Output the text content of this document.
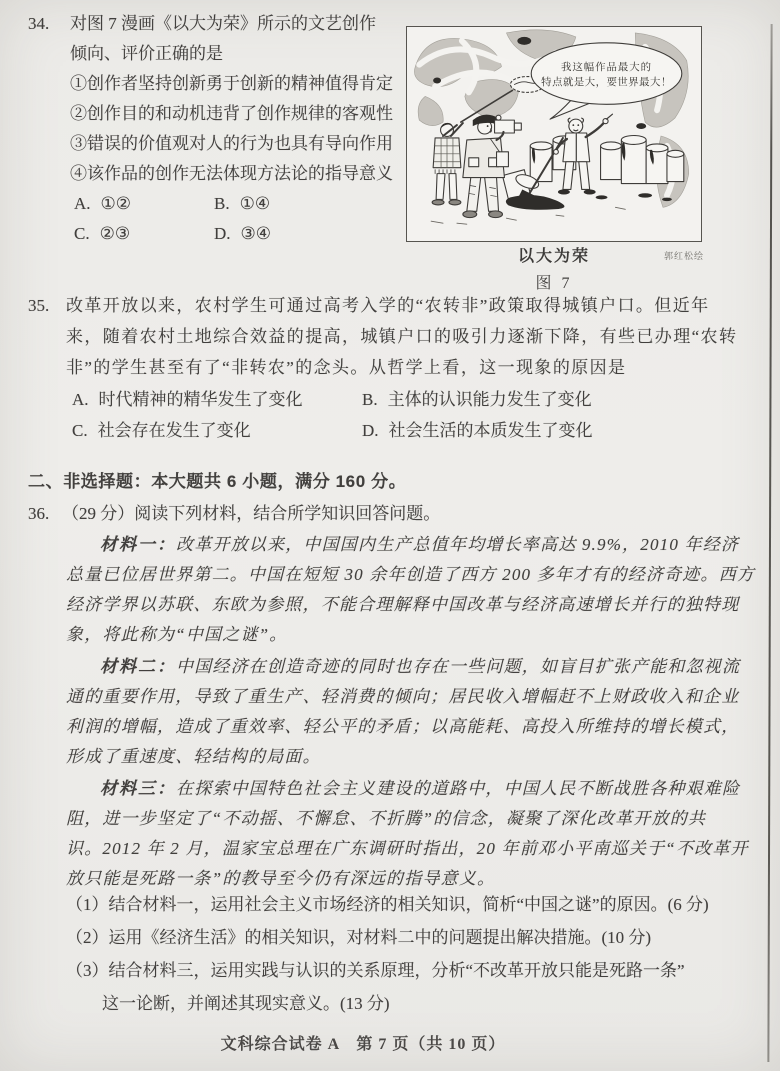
34. 对图 7 漫画《以大为荣》所示的文艺创作
倾向、评价正确的是
①创作者坚持创新勇于创新的精神值得肯定
②创作目的和动机违背了创作规律的客观性
③错误的价值观对人的行为也具有导向作用
④该作品的创作无法体现方法论的指导意义
A. ①②	B. ①④
C. ②③	D. ③④
我这幅作品最大的
特点就是大，要世界最大！
以大为荣	郭红松绘
图 7
35. 改革开放以来，农村学生可通过高考入学的“农转非”政策取得城镇户口。但近年
来，随着农村土地综合效益的提高，城镇户口的吸引力逐渐下降，有些已办理“农转
非”的学生甚至有了“非转农”的念头。从哲学上看，这一现象的原因是
A. 时代精神的精华发生了变化	B. 主体的认识能力发生了变化
C. 社会存在发生了变化	D. 社会生活的本质发生了变化
二、非选择题：本大题共 6 小题，满分 160 分。
36. （29 分）阅读下列材料，结合所学知识回答问题。
材料一：改革开放以来，中国国内生产总值年均增长率高达 9.9%，2010 年经济
总量已位居世界第二。中国在短短 30 余年创造了西方 200 多年才有的经济奇迹。西方
经济学界以苏联、东欧为参照，不能合理解释中国改革与经济高速增长并行的独特现
象，将此称为“中国之谜”。
材料二：中国经济在创造奇迹的同时也存在一些问题，如盲目扩张产能和忽视流
通的重要作用，导致了重生产、轻消费的倾向；居民收入增幅赶不上财政收入和企业
利润的增幅，造成了重效率、轻公平的矛盾；以高能耗、高投入所维持的增长模式，
形成了重速度、轻结构的局面。
材料三：在探索中国特色社会主义建设的道路中，中国人民不断战胜各种艰难险
阻，进一步坚定了“不动摇、不懈怠、不折腾”的信念，凝聚了深化改革开放的共
识。2012 年 2 月，温家宝总理在广东调研时指出，20 年前邓小平南巡关于“不改革开
放只能是死路一条”的教导至今仍有深远的指导意义。
（1）结合材料一，运用社会主义市场经济的相关知识，简析“中国之谜”的原因。(6 分)
（2）运用《经济生活》的相关知识，对材料二中的问题提出解决措施。(10 分)
（3）结合材料三，运用实践与认识的关系原理，分析“不改革开放只能是死路一条”
这一论断，并阐述其现实意义。(13 分)
文科综合试卷 A　第 7 页（共 10 页）
